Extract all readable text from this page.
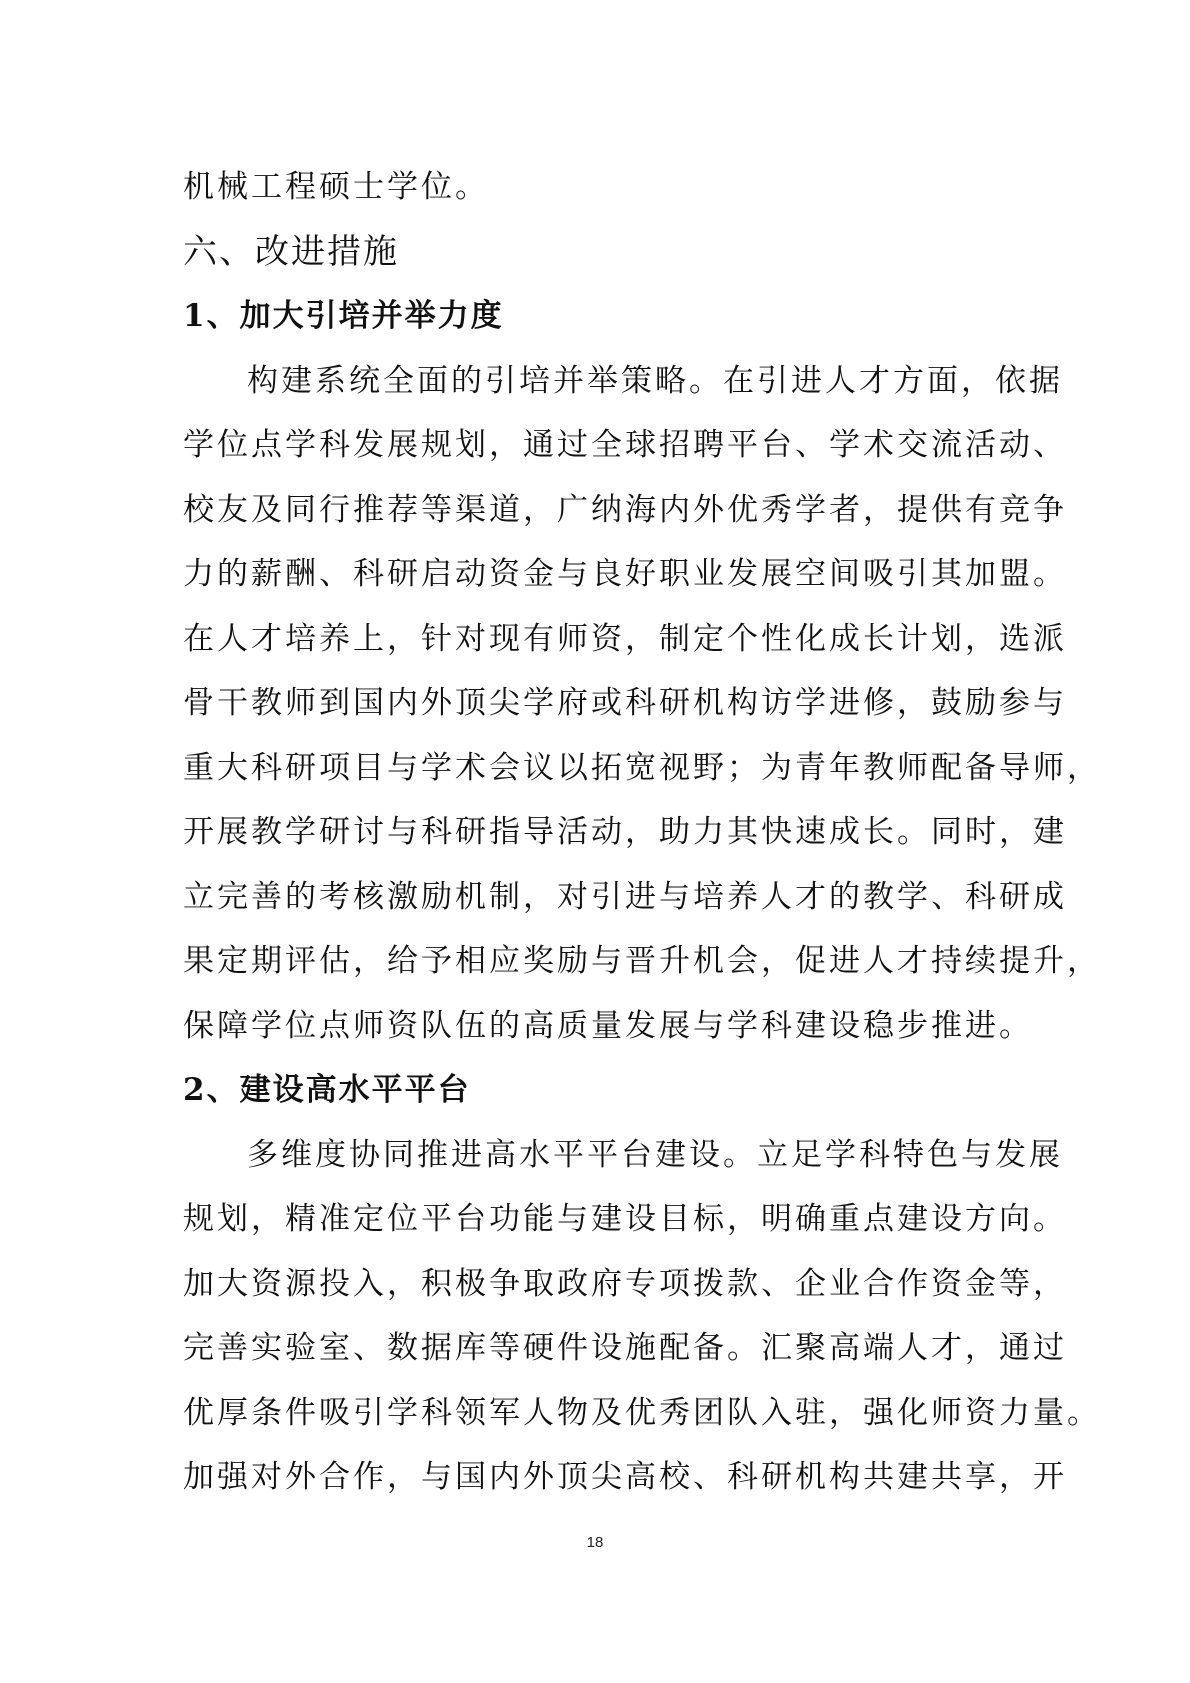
机械工程硕士学位。
六、改进措施
1、加大引培并举力度
构建系统全面的引培并举策略。在引进人才方面，依据
学位点学科发展规划，通过全球招聘平台、学术交流活动、
校友及同行推荐等渠道，广纳海内外优秀学者，提供有竞争
力的薪酬、科研启动资金与良好职业发展空间吸引其加盟。
在人才培养上，针对现有师资，制定个性化成长计划，选派
骨干教师到国内外顶尖学府或科研机构访学进修，鼓励参与
重大科研项目与学术会议以拓宽视野；为青年教师配备导师，
开展教学研讨与科研指导活动，助力其快速成长。同时，建
立完善的考核激励机制，对引进与培养人才的教学、科研成
果定期评估，给予相应奖励与晋升机会，促进人才持续提升，
保障学位点师资队伍的高质量发展与学科建设稳步推进。
2、建设高水平平台
多维度协同推进高水平平台建设。立足学科特色与发展
规划，精准定位平台功能与建设目标，明确重点建设方向。
加大资源投入，积极争取政府专项拨款、企业合作资金等，
完善实验室、数据库等硬件设施配备。汇聚高端人才，通过
优厚条件吸引学科领军人物及优秀团队入驻，强化师资力量。
加强对外合作，与国内外顶尖高校、科研机构共建共享，开
18
